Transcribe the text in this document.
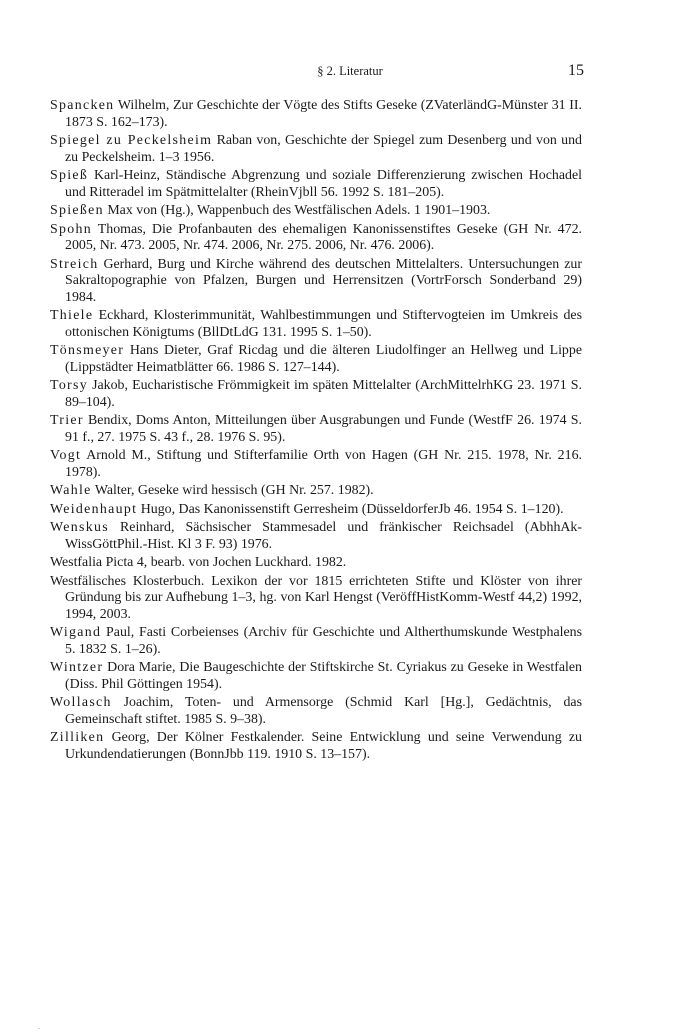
§ 2. Literatur	15

Spancken Wilhelm, Zur Geschichte der Vögte des Stifts Geseke (ZVaterländG-Münster 31 II. 1873 S. 162–173).

Spiegel zu Peckelsheim Raban von, Geschichte der Spiegel zum Desenberg und von und zu Peckelsheim. 1–3 1956.

Spieß Karl-Heinz, Ständische Abgrenzung und soziale Differenzierung zwischen Hochadel und Ritteradel im Spätmittelalter (RheinVjbll 56. 1992 S. 181–205).

Spießen Max von (Hg.), Wappenbuch des Westfälischen Adels. 1 1901–1903.

Spohn Thomas, Die Profanbauten des ehemaligen Kanonissenstiftes Geseke (GH Nr. 472. 2005, Nr. 473. 2005, Nr. 474. 2006, Nr. 275. 2006, Nr. 476. 2006).

Streich Gerhard, Burg und Kirche während des deutschen Mittelalters. Untersuchungen zur Sakraltopographie von Pfalzen, Burgen und Herrensitzen (VortrForsch Sonderband 29) 1984.

Thiele Eckhard, Klosterimmunität, Wahlbestimmungen und Stiftervogteien im Umkreis des ottonischen Königtums (BllDtLdG 131. 1995 S. 1–50).

Tönsmeyer Hans Dieter, Graf Ricdag und die älteren Liudolfinger an Hellweg und Lippe (Lippstädter Heimatblätter 66. 1986 S. 127–144).

Torsy Jakob, Eucharistische Frömmigkeit im späten Mittelalter (ArchMittelrhKG 23. 1971 S. 89–104).

Trier Bendix, Doms Anton, Mitteilungen über Ausgrabungen und Funde (WestfF 26. 1974 S. 91 f., 27. 1975 S. 43 f., 28. 1976 S. 95).

Vogt Arnold M., Stiftung und Stifterfamilie Orth von Hagen (GH Nr. 215. 1978, Nr. 216. 1978).

Wahle Walter, Geseke wird hessisch (GH Nr. 257. 1982).

Weidenhaupt Hugo, Das Kanonissenstift Gerresheim (DüsseldorferJb 46. 1954 S. 1–120).

Wenskus Reinhard, Sächsischer Stammesadel und fränkischer Reichsadel (AbhhAk-WissGöttPhil.-Hist. Kl 3 F. 93) 1976.

Westfalia Picta 4, bearb. von Jochen Luckhard. 1982.

Westfälisches Klosterbuch. Lexikon der vor 1815 errichteten Stifte und Klöster von ihrer Gründung bis zur Aufhebung 1–3, hg. von Karl Hengst (VeröffHistKomm-Westf 44,2) 1992, 1994, 2003.

Wigand Paul, Fasti Corbeienses (Archiv für Geschichte und Altherthumskunde Westphalens 5. 1832 S. 1–26).

Wintzer Dora Marie, Die Baugeschichte der Stiftskirche St. Cyriakus zu Geseke in Westfalen (Diss. Phil Göttingen 1954).

Wollasch Joachim, Toten- und Armensorge (Schmid Karl [Hg.], Gedächtnis, das Gemeinschaft stiftet. 1985 S. 9–38).

Zilliken Georg, Der Kölner Festkalender. Seine Entwicklung und seine Verwendung zu Urkundendatierungen (BonnJbb 119. 1910 S. 13–157).

.
